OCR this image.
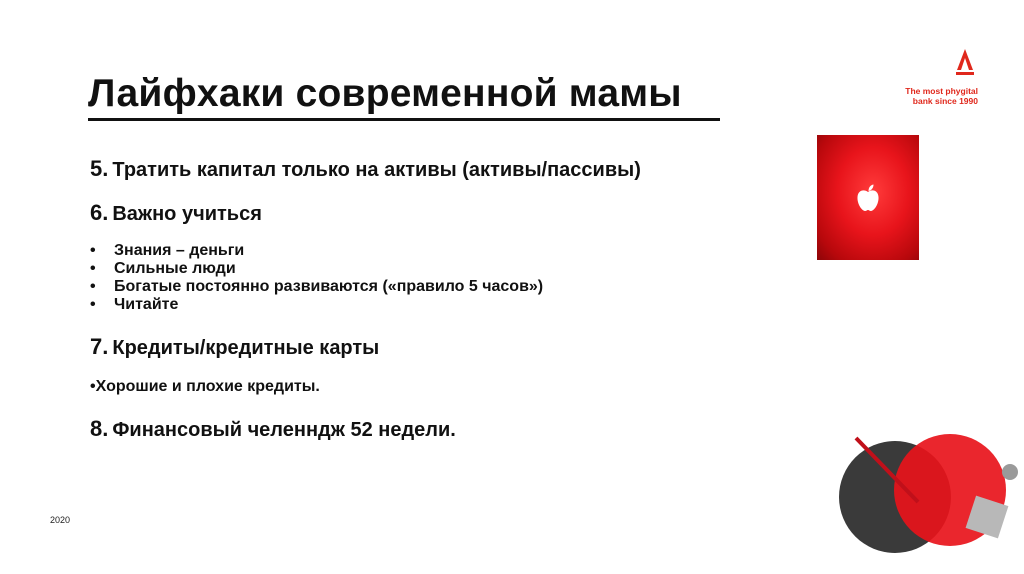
Лайфхаки современной мамы	The most phygital
bank since 1990

5. Тратить капитал только на активы (активы/пассивы)

6. Важно учиться

• Знания – деньги
• Сильные люди
• Богатые постоянно развиваются («правило 5 часов»)
• Читайте

7. Кредиты/кредитные карты

•Хорошие и плохие кредиты.

8. Финансовый челенндж 52 недели.

2020
